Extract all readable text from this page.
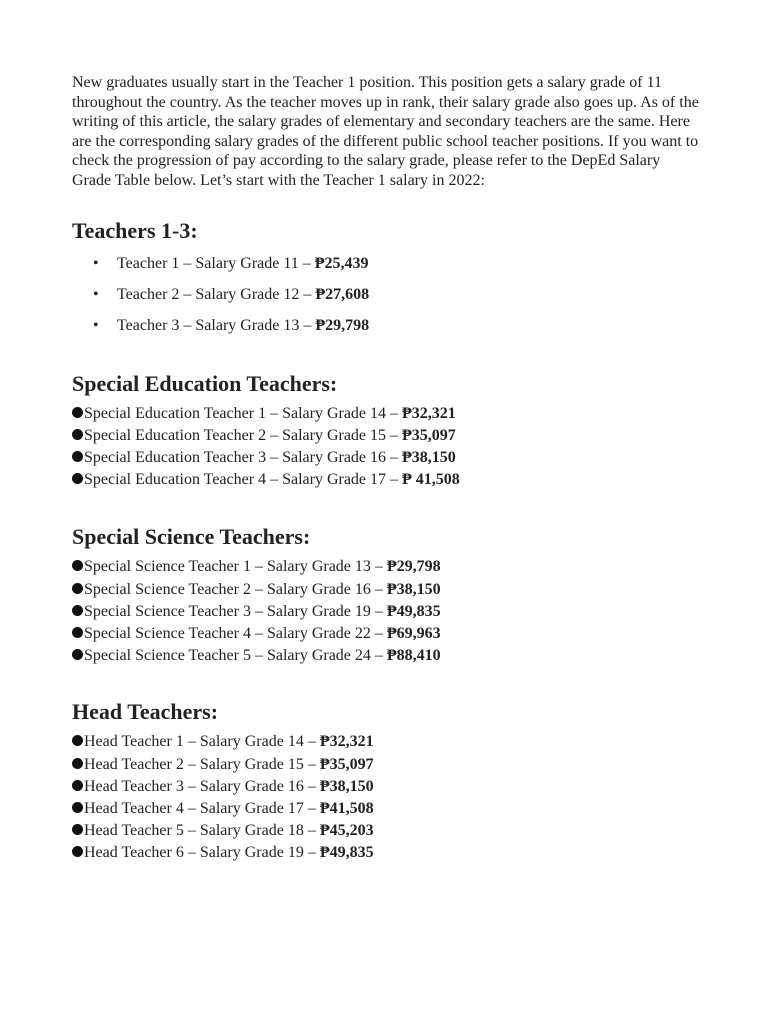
New graduates usually start in the Teacher 1 position. This position gets a salary grade of 11 throughout the country. As the teacher moves up in rank, their salary grade also goes up. As of the writing of this article, the salary grades of elementary and secondary teachers are the same. Here are the corresponding salary grades of the different public school teacher positions. If you want to check the progression of pay according to the salary grade, please refer to the DepEd Salary Grade Table below. Let’s start with the Teacher 1 salary in 2022:

Teachers 1-3:
• Teacher 1 – Salary Grade 11 – ₱25,439
• Teacher 2 – Salary Grade 12 – ₱27,608
• Teacher 3 – Salary Grade 13 – ₱29,798
Special Education Teachers:
Special Education Teacher 1 – Salary Grade 14 – ₱32,321
Special Education Teacher 2 – Salary Grade 15 – ₱35,097
Special Education Teacher 3 – Salary Grade 16 – ₱38,150
Special Education Teacher 4 – Salary Grade 17 – ₱ 41,508
Special Science Teachers:
Special Science Teacher 1 – Salary Grade 13 – ₱29,798
Special Science Teacher 2 – Salary Grade 16 – ₱38,150
Special Science Teacher 3 – Salary Grade 19 – ₱49,835
Special Science Teacher 4 – Salary Grade 22 – ₱69,963
Special Science Teacher 5 – Salary Grade 24 – ₱88,410
Head Teachers:
Head Teacher 1 – Salary Grade 14 – ₱32,321
Head Teacher 2 – Salary Grade 15 – ₱35,097
Head Teacher 3 – Salary Grade 16 – ₱38,150
Head Teacher 4 – Salary Grade 17 – ₱41,508
Head Teacher 5 – Salary Grade 18 – ₱45,203
Head Teacher 6 – Salary Grade 19 – ₱49,835
